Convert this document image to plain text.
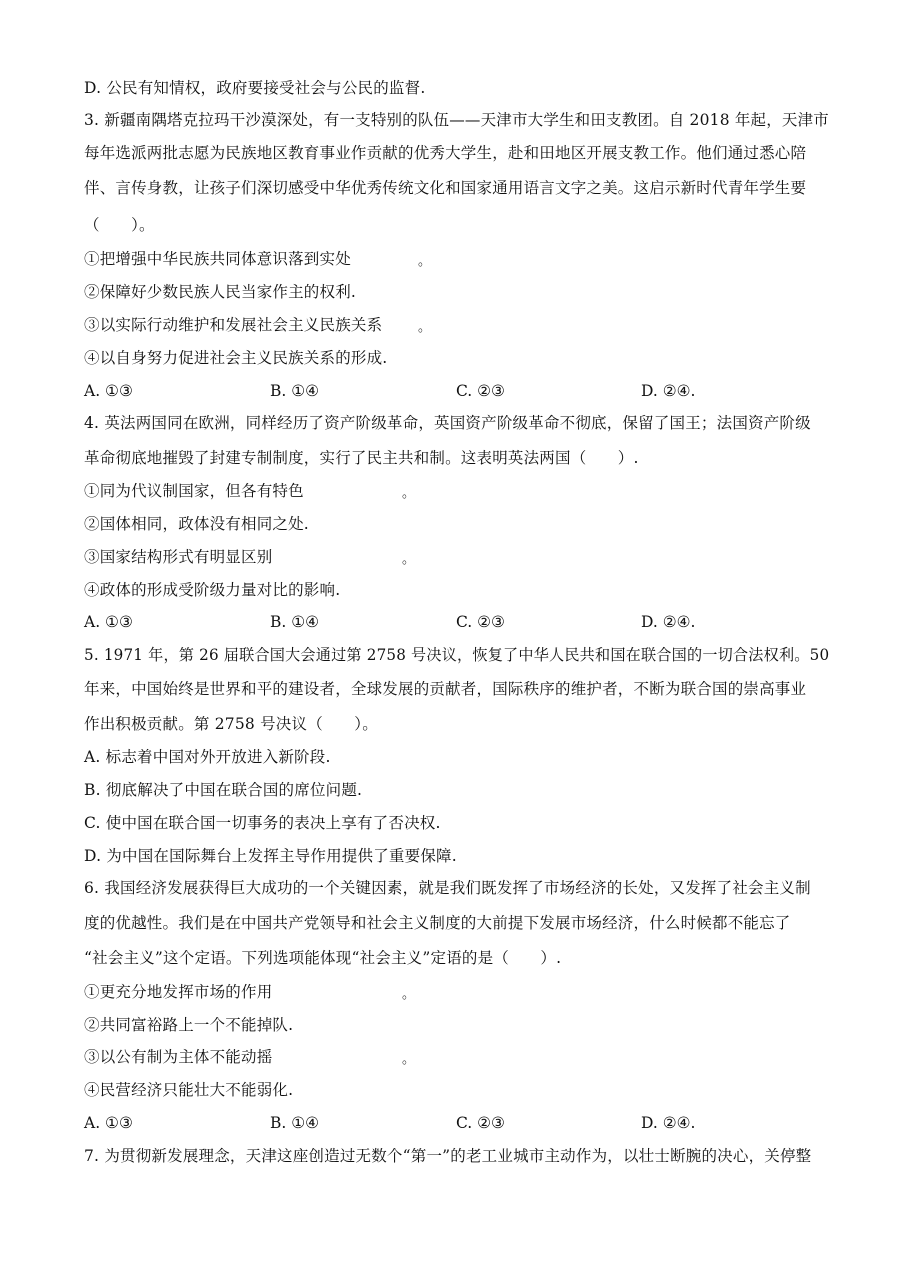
D. 公民有知情权，政府要接受社会与公民的监督.
3. 新疆南隅塔克拉玛干沙漠深处，有一支特别的队伍——天津市大学生和田支教团。自 2018 年起，天津市
每年选派两批志愿为民族地区教育事业作贡献的优秀大学生，赴和田地区开展支教工作。他们通过悉心陪
伴、言传身教，让孩子们深切感受中华优秀传统文化和国家通用语言文字之美。这启示新时代青年学生要
（　　）。
①把增强中华民族共同体意识落到实处	。
②保障好少数民族人民当家作主的权利.
③以实际行动维护和发展社会主义民族关系	。
④以自身努力促进社会主义民族关系的形成.
A. ①③	B. ①④	C. ②③	D. ②④.
4. 英法两国同在欧洲，同样经历了资产阶级革命，英国资产阶级革命不彻底，保留了国王；法国资产阶级
革命彻底地摧毁了封建专制制度，实行了民主共和制。这表明英法两国（　　）.
①同为代议制国家，但各有特色	。
②国体相同，政体没有相同之处.
③国家结构形式有明显区别	。
④政体的形成受阶级力量对比的影响.
A. ①③	B. ①④	C. ②③	D. ②④.
5. 1971 年，第 26 届联合国大会通过第 2758 号决议，恢复了中华人民共和国在联合国的一切合法权利。50
年来，中国始终是世界和平的建设者，全球发展的贡献者，国际秩序的维护者，不断为联合国的崇高事业
作出积极贡献。第 2758 号决议（　　）。
A. 标志着中国对外开放进入新阶段.
B. 彻底解决了中国在联合国的席位问题.
C. 使中国在联合国一切事务的表决上享有了否决权.
D. 为中国在国际舞台上发挥主导作用提供了重要保障.
6. 我国经济发展获得巨大成功的一个关键因素，就是我们既发挥了市场经济的长处，又发挥了社会主义制
度的优越性。我们是在中国共产党领导和社会主义制度的大前提下发展市场经济，什么时候都不能忘了
“社会主义”这个定语。下列选项能体现“社会主义”定语的是（　　）.
①更充分地发挥市场的作用	。
②共同富裕路上一个不能掉队.
③以公有制为主体不能动摇	。
④民营经济只能壮大不能弱化.
A. ①③	B. ①④	C. ②③	D. ②④.
7. 为贯彻新发展理念，天津这座创造过无数个“第一”的老工业城市主动作为，以壮士断腕的决心，关停整
